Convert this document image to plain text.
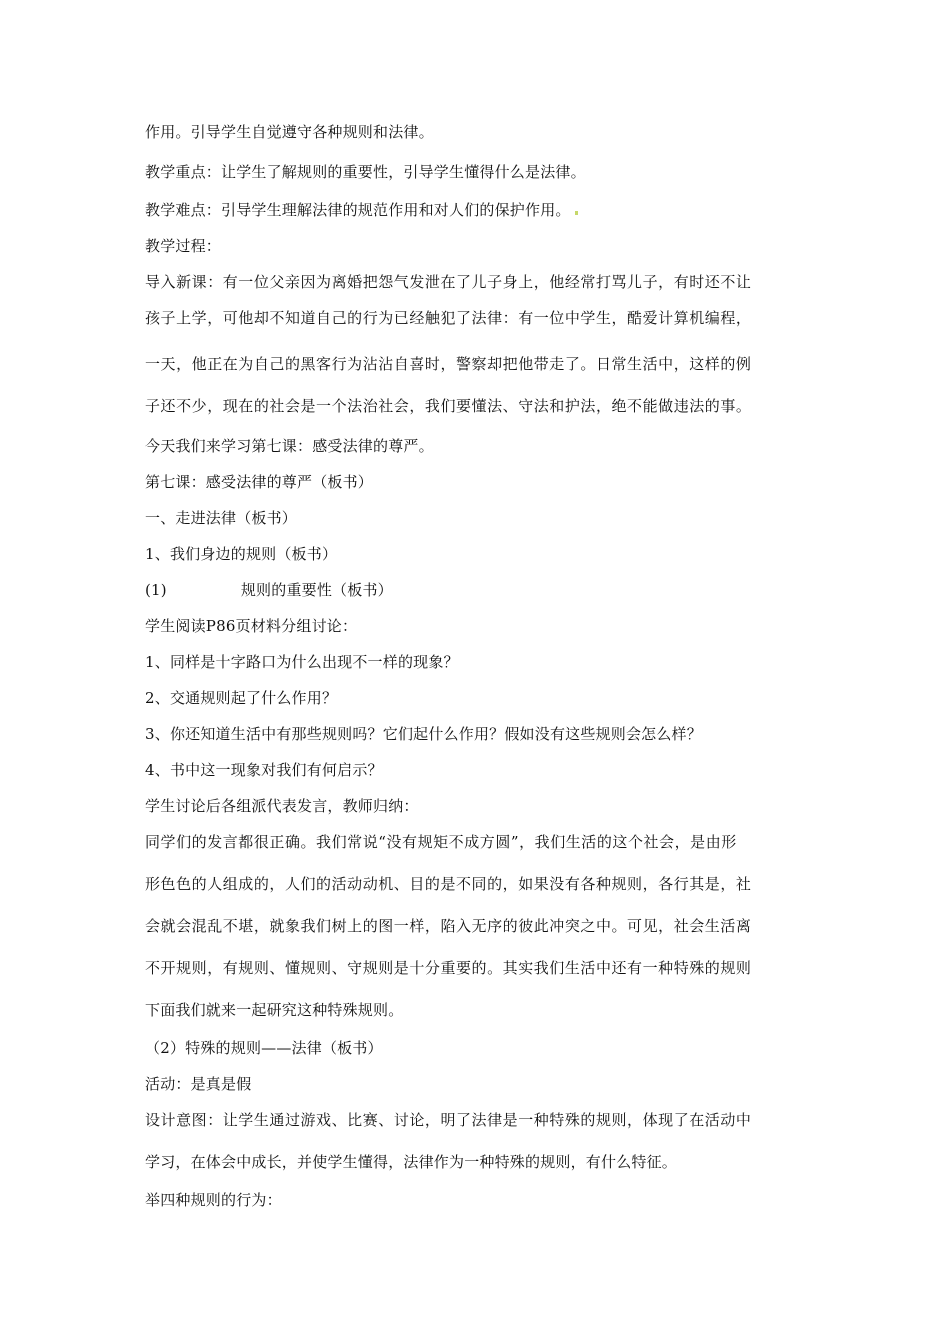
作用。引导学生自觉遵守各种规则和法律。
教学重点：让学生了解规则的重要性，引导学生懂得什么是法律。
教学难点：引导学生理解法律的规范作用和对人们的保护作用。
教学过程：
导入新课：有一位父亲因为离婚把怨气发泄在了儿子身上，他经常打骂儿子，有时还不让
孩子上学，可他却不知道自己的行为已经触犯了法律：有一位中学生，酷爱计算机编程，
一天，他正在为自己的黑客行为沾沾自喜时，警察却把他带走了。日常生活中，这样的例
子还不少，现在的社会是一个法治社会，我们要懂法、守法和护法，绝不能做违法的事。
今天我们来学习第七课：感受法律的尊严。
第七课：感受法律的尊严（板书）
一、走进法律（板书）
1、我们身边的规则（板书）
(1)	规则的重要性（板书）
学生阅读P86页材料分组讨论：
1、同样是十字路口为什么出现不一样的现象？
2、交通规则起了什么作用？
3、你还知道生活中有那些规则吗？它们起什么作用？假如没有这些规则会怎么样？
4、书中这一现象对我们有何启示？
学生讨论后各组派代表发言，教师归纳：
同学们的发言都很正确。我们常说“没有规矩不成方圆”，我们生活的这个社会，是由形
形色色的人组成的，人们的活动动机、目的是不同的，如果没有各种规则，各行其是，社
会就会混乱不堪，就象我们树上的图一样，陷入无序的彼此冲突之中。可见，社会生活离
不开规则，有规则、懂规则、守规则是十分重要的。其实我们生活中还有一种特殊的规则
下面我们就来一起研究这种特殊规则。
（2）特殊的规则——法律（板书）
活动：是真是假
设计意图：让学生通过游戏、比赛、讨论，明了法律是一种特殊的规则，体现了在活动中
学习，在体会中成长，并使学生懂得，法律作为一种特殊的规则，有什么特征。
举四种规则的行为：
